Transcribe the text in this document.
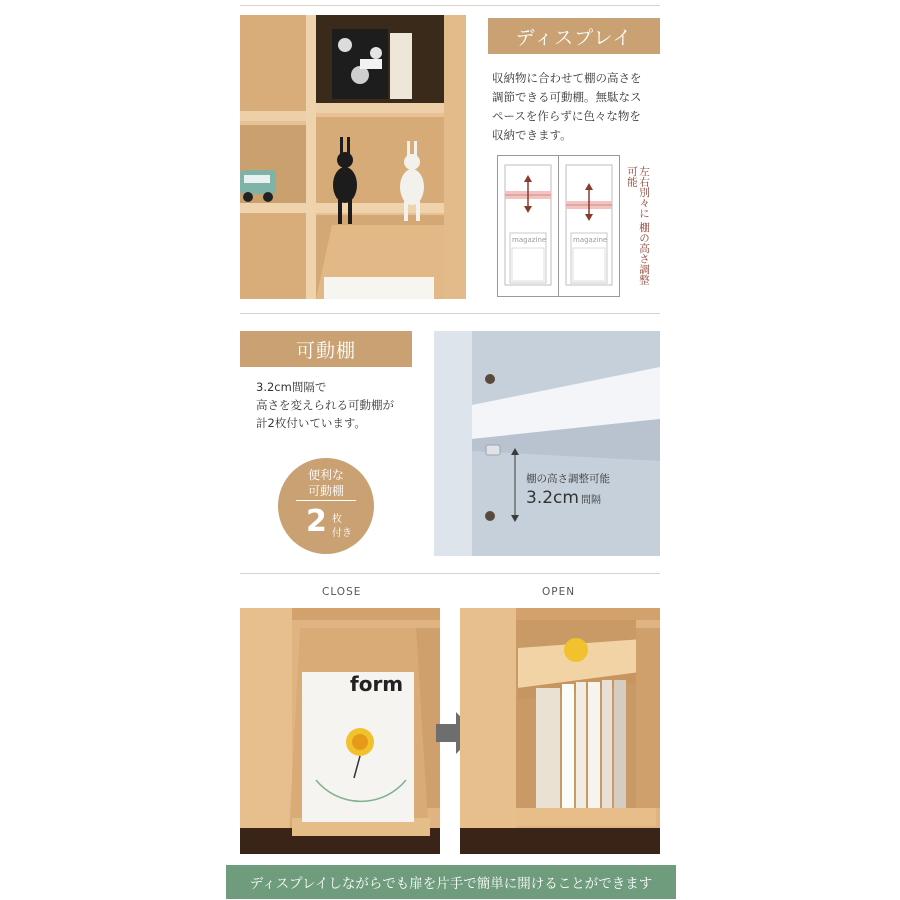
ディスプレイ
収納物に合わせて棚の高さを
調節できる可動棚。無駄なス
ペースを作らずに色々な物を
収納できます。
magazine	magazine	左右別々に 棚の高さ調整可能
可動棚
3.2cm間隔で
高さを変えられる可動棚が
計2枚付いています。
便利な
可動棚
2 枚
付き
棚の高さ調整可能
3.2cm 間隔
CLOSE	OPEN
form
ディスプレイしながらでも扉を片手で簡単に開けることができます
